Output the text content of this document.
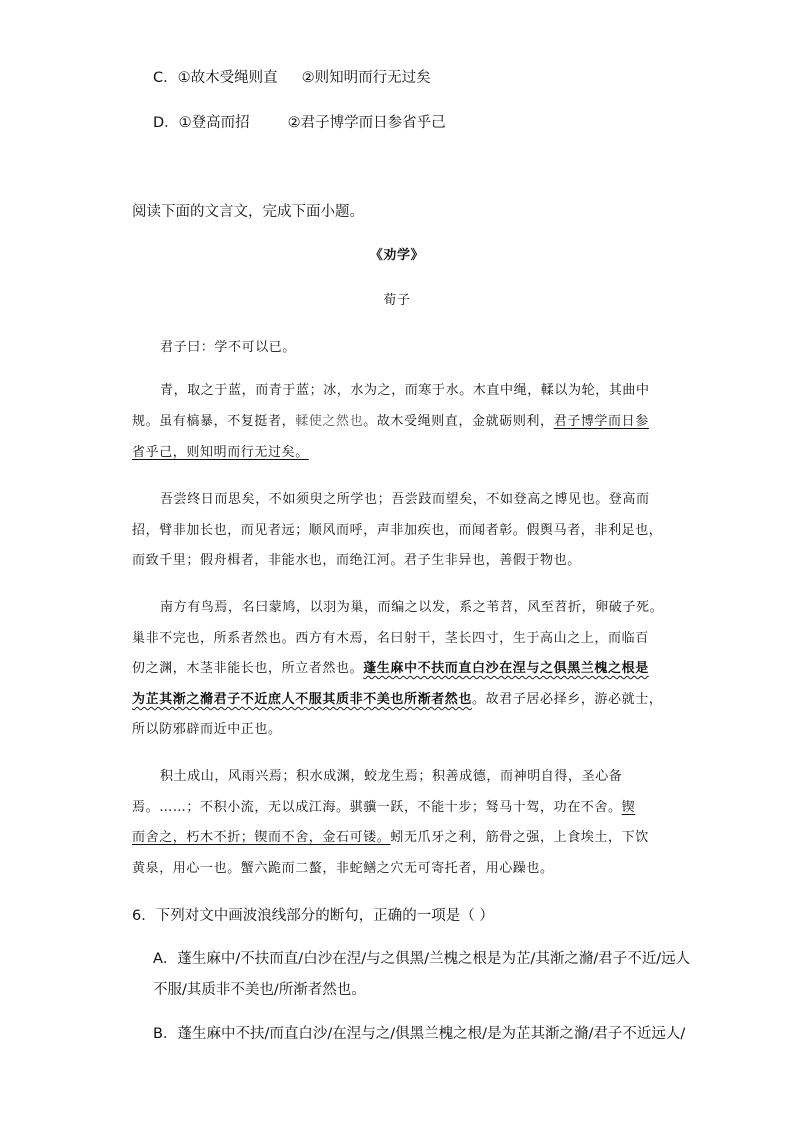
C．①故木受绳则直 ②则知明而行无过矣
D．①登高而招	②君子博学而日参省乎己
阅读下面的文言文，完成下面小题。
《劝学》
荀子
君子曰：学不可以已。
青，取之于蓝，而青于蓝；冰，水为之，而寒于水。木直中绳，輮以为轮，其曲中
规。虽有槁暴，不复挺者，輮使之然也。故木受绳则直，金就砺则利，君子博学而日参
省乎己，则知明而行无过矣。
吾尝终日而思矣，不如须臾之所学也；吾尝跂而望矣，不如登高之博见也。登高而
招，臂非加长也，而见者远；顺风而呼，声非加疾也，而闻者彰。假舆马者，非利足也，
而致千里；假舟楫者，非能水也，而绝江河。君子生非异也，善假于物也。
南方有鸟焉，名曰蒙鸠，以羽为巢，而编之以发，系之苇苕，风至苕折，卵破子死。
巢非不完也，所系者然也。西方有木焉，名曰射干，茎长四寸，生于高山之上，而临百
仞之渊，木茎非能长也，所立者然也。蓬生麻中不扶而直白沙在涅与之俱黑兰槐之根是
为芷其渐之滫君子不近庶人不服其质非不美也所渐者然也。故君子居必择乡，游必就士，
所以防邪辟而近中正也。
积土成山，风雨兴焉；积水成渊，蛟龙生焉；积善成德，而神明自得，圣心备
焉。……；不积小流，无以成江海。骐骥一跃，不能十步；驽马十驾，功在不舍。锲
而舍之，朽木不折；锲而不舍，金石可镂。蚓无爪牙之利，筋骨之强，上食埃土，下饮
黄泉，用心一也。蟹六跪而二螯，非蛇鳝之穴无可寄托者，用心躁也。
6．下列对文中画波浪线部分的断句，正确的一项是（ ）
A．蓬生麻中/不扶而直/白沙在涅/与之俱黑/兰槐之根是为芷/其渐之滫/君子不近/远人
不服/其质非不美也/所渐者然也。
B．蓬生麻中不扶/而直白沙/在涅与之/俱黑兰槐之根/是为芷其渐之滫/君子不近远人/
